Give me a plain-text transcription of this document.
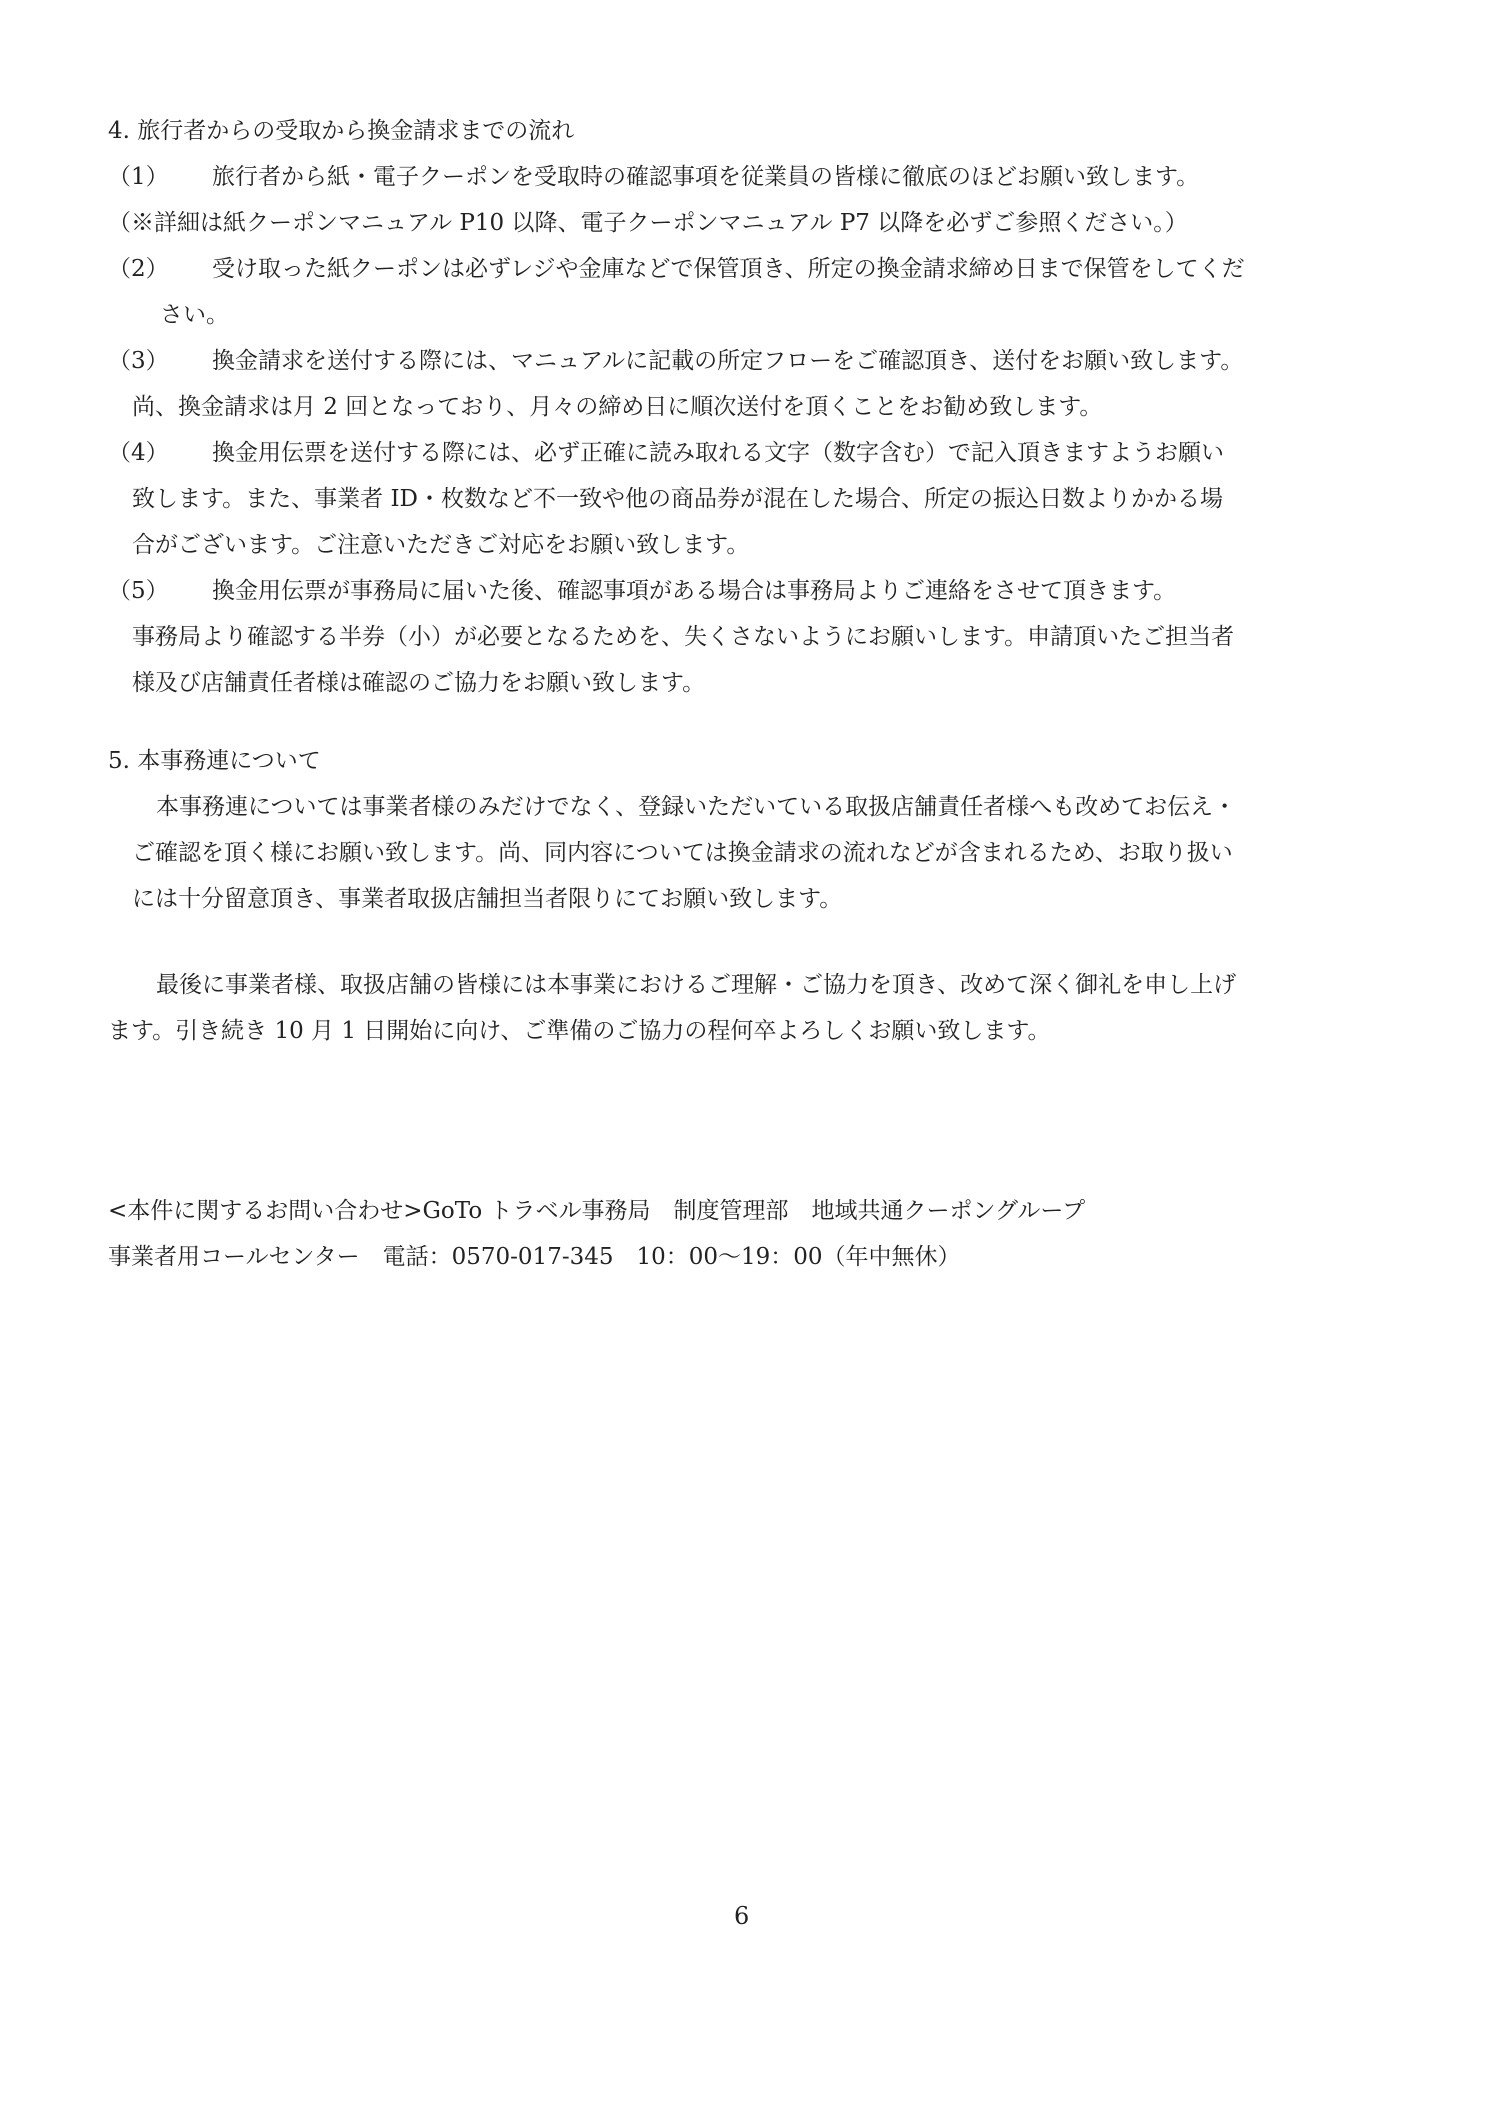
4. 旅行者からの受取から換金請求までの流れ
（1） 旅行者から紙・電子クーポンを受取時の確認事項を従業員の皆様に徹底のほどお願い致します。
（※詳細は紙クーポンマニュアル P10 以降、電子クーポンマニュアル P7 以降を必ずご参照ください。）
（2） 受け取った紙クーポンは必ずレジや金庫などで保管頂き、所定の換金請求締め日まで保管をしてくだ
さい。
（3） 換金請求を送付する際には、マニュアルに記載の所定フローをご確認頂き、送付をお願い致します。
尚、換金請求は月 2 回となっており、月々の締め日に順次送付を頂くことをお勧め致します。
（4） 換金用伝票を送付する際には、必ず正確に読み取れる文字（数字含む）で記入頂きますようお願い
致します。また、事業者 ID・枚数など不一致や他の商品券が混在した場合、所定の振込日数よりかかる場
合がございます。ご注意いただきご対応をお願い致します。
（5） 換金用伝票が事務局に届いた後、確認事項がある場合は事務局よりご連絡をさせて頂きます。
事務局より確認する半券（小）が必要となるためを、失くさないようにお願いします。申請頂いたご担当者
様及び店舗責任者様は確認のご協力をお願い致します。
5. 本事務連について
本事務連については事業者様のみだけでなく、登録いただいている取扱店舗責任者様へも改めてお伝え・
ご確認を頂く様にお願い致します。尚、同内容については換金請求の流れなどが含まれるため、お取り扱い
には十分留意頂き、事業者取扱店舗担当者限りにてお願い致します。
最後に事業者様、取扱店舗の皆様には本事業におけるご理解・ご協力を頂き、改めて深く御礼を申し上げ
ます。引き続き 10 月 1 日開始に向け、ご準備のご協力の程何卒よろしくお願い致します。
<本件に関するお問い合わせ>GoTo トラベル事務局　制度管理部　地域共通クーポングループ
事業者用コールセンター　電話：0570-017-345　10：00〜19：00（年中無休）
6
